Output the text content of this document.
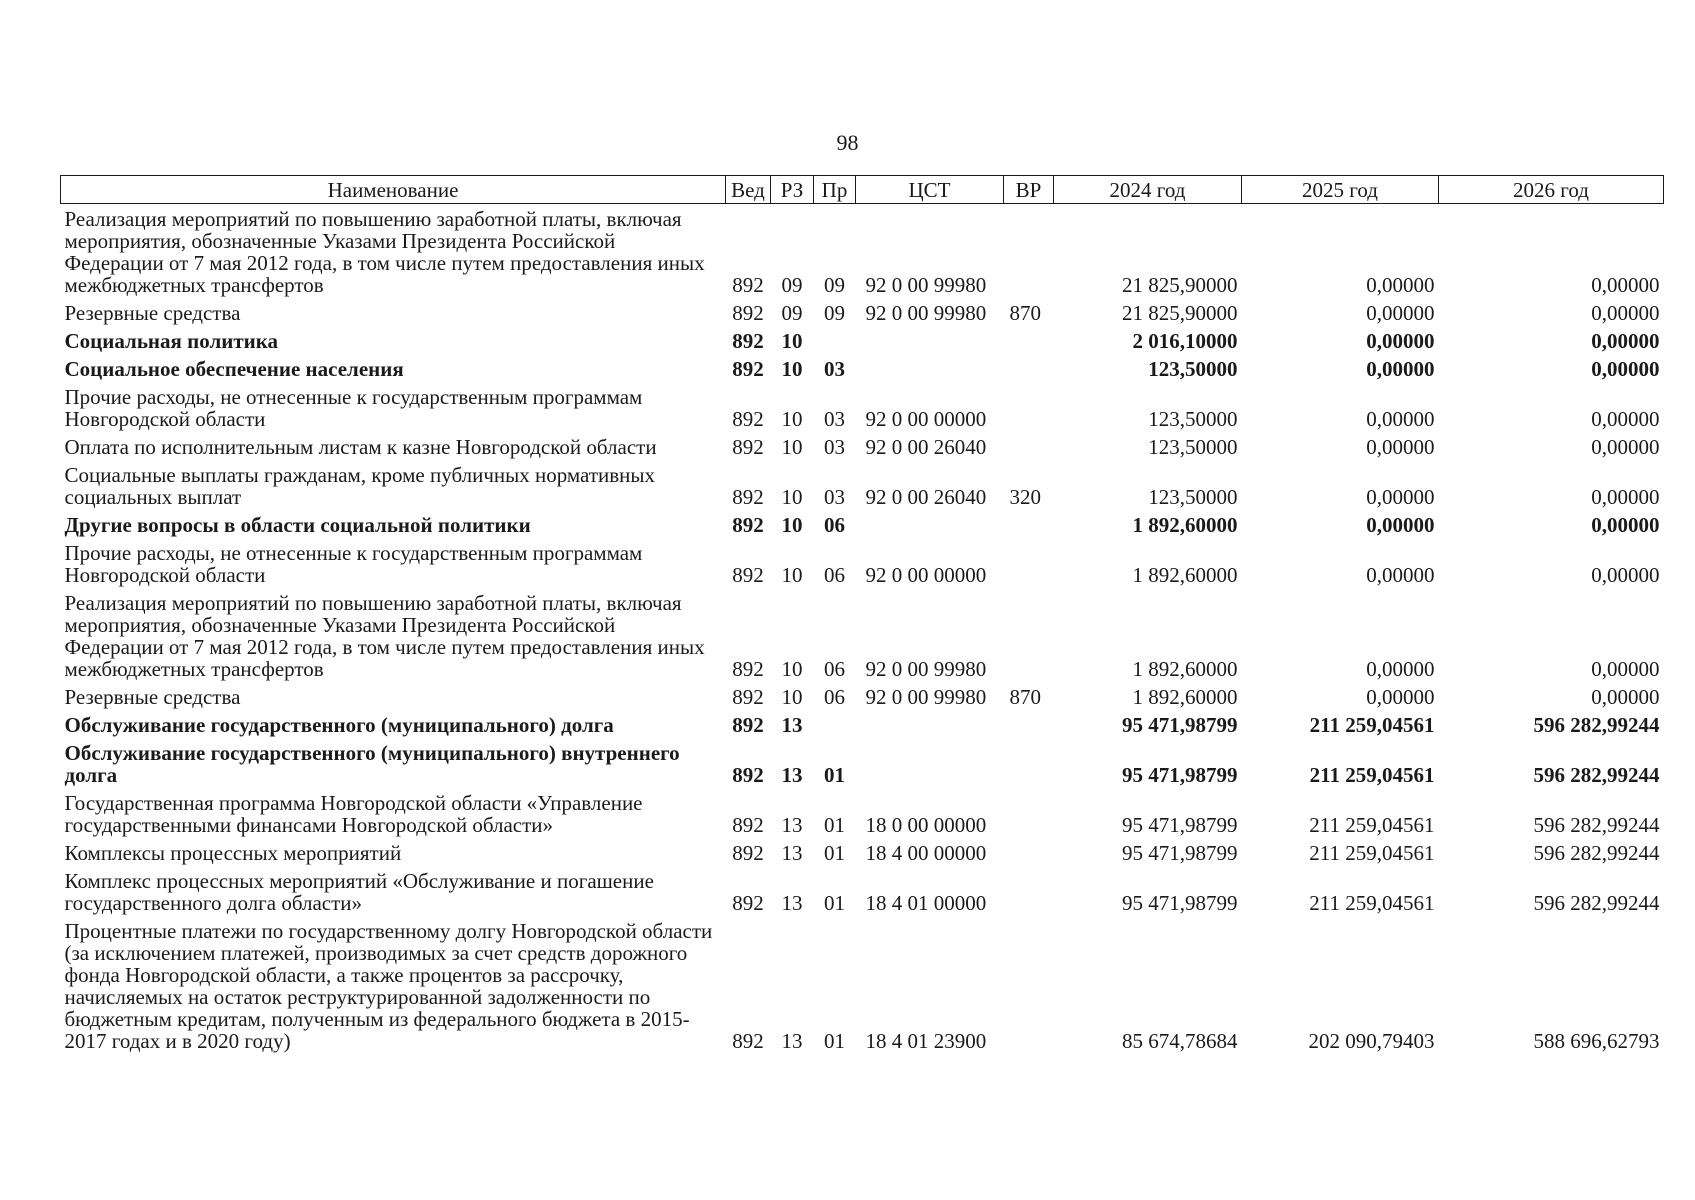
98
Наименование	Вед	РЗ	Пр	ЦСТ	ВР	2024 год	2025 год	2026 год
Реализация мероприятий по повышению заработной платы, включая мероприятия, обозначенные Указами Президента Российской Федерации от 7 мая 2012 года, в том числе путем предоставления иных межбюджетных трансфертов	892	09	09	92 0 00 99980		21 825,90000	0,00000	0,00000
Резервные средства	892	09	09	92 0 00 99980	870	21 825,90000	0,00000	0,00000
Социальная политика	892	10				2 016,10000	0,00000	0,00000
Социальное обеспечение населения	892	10	03			123,50000	0,00000	0,00000
Прочие расходы, не отнесенные к государственным программам Новгородской области	892	10	03	92 0 00 00000		123,50000	0,00000	0,00000
Оплата по исполнительным листам к казне Новгородской области	892	10	03	92 0 00 26040		123,50000	0,00000	0,00000
Социальные выплаты гражданам, кроме публичных нормативных социальных выплат	892	10	03	92 0 00 26040	320	123,50000	0,00000	0,00000
Другие вопросы в области социальной политики	892	10	06			1 892,60000	0,00000	0,00000
Прочие расходы, не отнесенные к государственным программам Новгородской области	892	10	06	92 0 00 00000		1 892,60000	0,00000	0,00000
Реализация мероприятий по повышению заработной платы, включая мероприятия, обозначенные Указами Президента Российской Федерации от 7 мая 2012 года, в том числе путем предоставления иных межбюджетных трансфертов	892	10	06	92 0 00 99980		1 892,60000	0,00000	0,00000
Резервные средства	892	10	06	92 0 00 99980	870	1 892,60000	0,00000	0,00000
Обслуживание государственного (муниципального) долга	892	13				95 471,98799	211 259,04561	596 282,99244
Обслуживание государственного (муниципального) внутреннего долга	892	13	01			95 471,98799	211 259,04561	596 282,99244
Государственная программа Новгородской области «Управление государственными финансами Новгородской области»	892	13	01	18 0 00 00000		95 471,98799	211 259,04561	596 282,99244
Комплексы процессных мероприятий	892	13	01	18 4 00 00000		95 471,98799	211 259,04561	596 282,99244
Комплекс процессных мероприятий «Обслуживание и погашение государственного долга области»	892	13	01	18 4 01 00000		95 471,98799	211 259,04561	596 282,99244
Процентные платежи по государственному долгу Новгородской области (за исключением платежей, производимых за счет средств дорожного фонда Новгородской области, а также процентов за рассрочку, начисляемых на остаток реструктурированной задолженности по бюджетным кредитам, полученным из федерального бюджета в 2015-2017 годах и в 2020 году)	892	13	01	18 4 01 23900		85 674,78684	202 090,79403	588 696,62793
